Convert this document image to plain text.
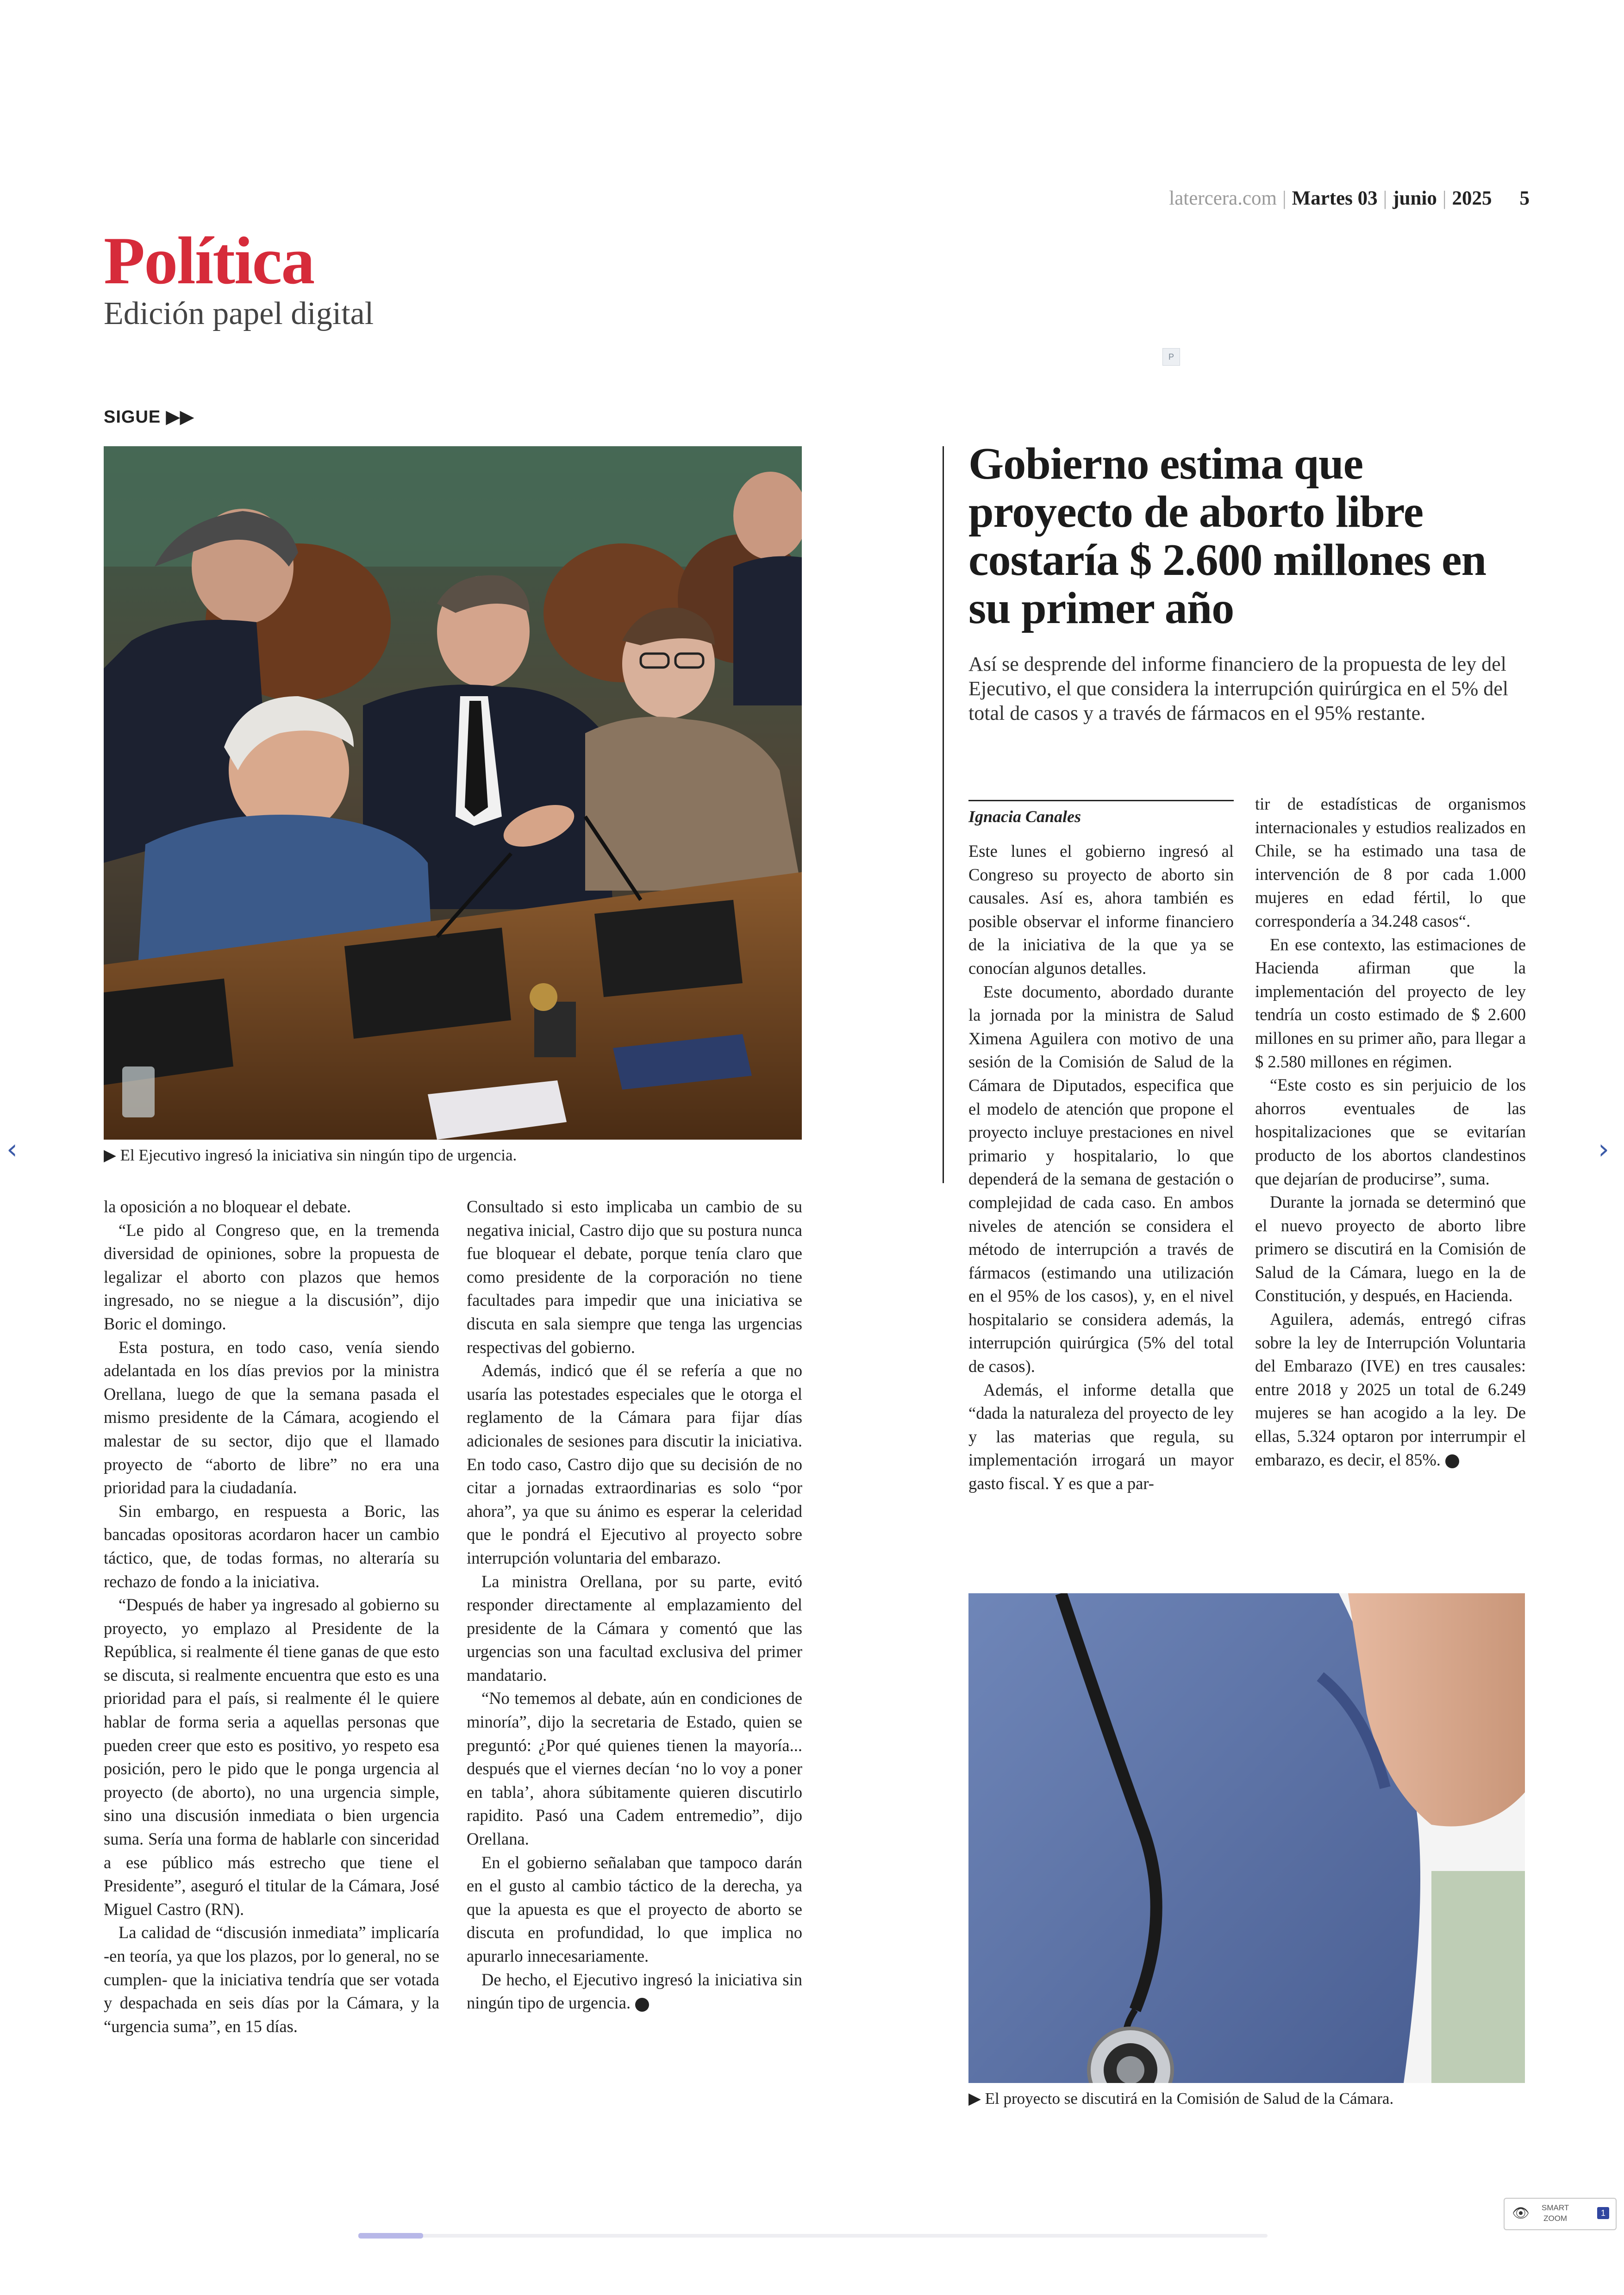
latercera.com | Martes 03 | junio | 2025 5
Política
Edición papel digital
P
SIGUE ▶▶
▶ El Ejecutivo ingresó la iniciativa sin ningún tipo de urgencia.
Gobierno estima que proyecto de aborto libre costaría $ 2.600 millones en su primer año
Así se desprende del informe financiero de la propuesta de ley del Ejecutivo, el que considera la interrupción quirúrgica en el 5% del total de casos y a través de fármacos en el 95% restante.
Ignacia Canales

Este lunes el gobierno ingresó al Congreso su proyecto de aborto sin causales. Así es, ahora también es posible observar el informe financiero de la iniciativa de la que ya se conocían algunos detalles.

Este documento, abordado durante la jornada por la ministra de Salud Ximena Aguilera con motivo de una sesión de la Comisión de Salud de la Cámara de Diputados, especifica que el modelo de atención que propone el proyecto incluye prestaciones en nivel primario y hospitalario, lo que dependerá de la semana de gestación o complejidad de cada caso. En ambos niveles de atención se considera el método de interrupción a través de fármacos (estimando una utilización en el 95% de los casos), y, en el nivel hospitalario se considera además, la interrupción quirúrgica (5% del total de casos).

Además, el informe detalla que “dada la naturaleza del proyecto de ley y las materias que regula, su implementación irrogará un mayor gasto fiscal. Y es que a par-

tir de estadísticas de organismos internacionales y estudios realizados en Chile, se ha estimado una tasa de intervención de 8 por cada 1.000 mujeres en edad fértil, lo que correspondería a 34.248 casos“.

En ese contexto, las estimaciones de Hacienda afirman que la implementación del proyecto de ley tendría un costo estimado de $ 2.600 millones en su primer año, para llegar a $ 2.580 millones en régimen.

“Este costo es sin perjuicio de los ahorros eventuales de las hospitalizaciones que se evitarían producto de los abortos clandestinos que dejarían de producirse”, suma.

Durante la jornada se determinó que el nuevo proyecto de aborto libre primero se discutirá en la Comisión de Salud de la Cámara, luego en la de Constitución, y después, en Hacienda.

Aguilera, además, entregó cifras sobre la ley de Interrupción Voluntaria del Embarazo (IVE) en tres causales: entre 2018 y 2025 un total de 6.249 mujeres se han acogido a la ley. De ellas, 5.324 optaron por interrumpir el embarazo, es decir, el 85%.

la oposición a no bloquear el debate.

“Le pido al Congreso que, en la tremenda diversidad de opiniones, sobre la propuesta de legalizar el aborto con plazos que hemos ingresado, no se niegue a la discusión”, dijo Boric el domingo.

Esta postura, en todo caso, venía siendo adelantada en los días previos por la ministra Orellana, luego de que la semana pasada el mismo presidente de la Cámara, acogiendo el malestar de su sector, dijo que el llamado proyecto de “aborto de libre” no era una prioridad para la ciudadanía.

Sin embargo, en respuesta a Boric, las bancadas opositoras acordaron hacer un cambio táctico, que, de todas formas, no alteraría su rechazo de fondo a la iniciativa.

“Después de haber ya ingresado al gobierno su proyecto, yo emplazo al Presidente de la República, si realmente él tiene ganas de que esto se discuta, si realmente encuentra que esto es una prioridad para el país, si realmente él le quiere hablar de forma seria a aquellas personas que pueden creer que esto es positivo, yo respeto esa posición, pero le pido que le ponga urgencia al proyecto (de aborto), no una urgencia simple, sino una discusión inmediata o bien urgencia suma. Sería una forma de hablarle con sinceridad a ese público más estrecho que tiene el Presidente”, aseguró el titular de la Cámara, José Miguel Castro (RN).

La calidad de “discusión inmediata” implicaría -en teoría, ya que los plazos, por lo general, no se cumplen- que la iniciativa tendría que ser votada y despachada en seis días por la Cámara, y la “urgencia suma”, en 15 días.

Consultado si esto implicaba un cambio de su negativa inicial, Castro dijo que su postura nunca fue bloquear el debate, porque tenía claro que como presidente de la corporación no tiene facultades para impedir que una iniciativa se discuta en sala siempre que tenga las urgencias respectivas del gobierno.

Además, indicó que él se refería a que no usaría las potestades especiales que le otorga el reglamento de la Cámara para fijar días adicionales de sesiones para discutir la iniciativa. En todo caso, Castro dijo que su decisión de no citar a jornadas extraordinarias es solo “por ahora”, ya que su ánimo es esperar la celeridad que le pondrá el Ejecutivo al proyecto sobre interrupción voluntaria del embarazo.

La ministra Orellana, por su parte, evitó responder directamente al emplazamiento del presidente de la Cámara y comentó que las urgencias son una facultad exclusiva del primer mandatario.

“No tememos al debate, aún en condiciones de minoría”, dijo la secretaria de Estado, quien se preguntó: ¿Por qué quienes tienen la mayoría... después que el viernes decían ‘no lo voy a poner en tabla’, ahora súbitamente quieren discutirlo rapidito. Pasó una Cadem entremedio”, dijo Orellana.

En el gobierno señalaban que tampoco darán en el gusto al cambio táctico de la derecha, ya que la apuesta es que el proyecto de aborto se discuta en profundidad, lo que implica no apurarlo innecesariamente.

De hecho, el Ejecutivo ingresó la iniciativa sin ningún tipo de urgencia.

▶ El proyecto se discutirá en la Comisión de Salud de la Cámara.
‹	›
👁 SMART
ZOOM
1
